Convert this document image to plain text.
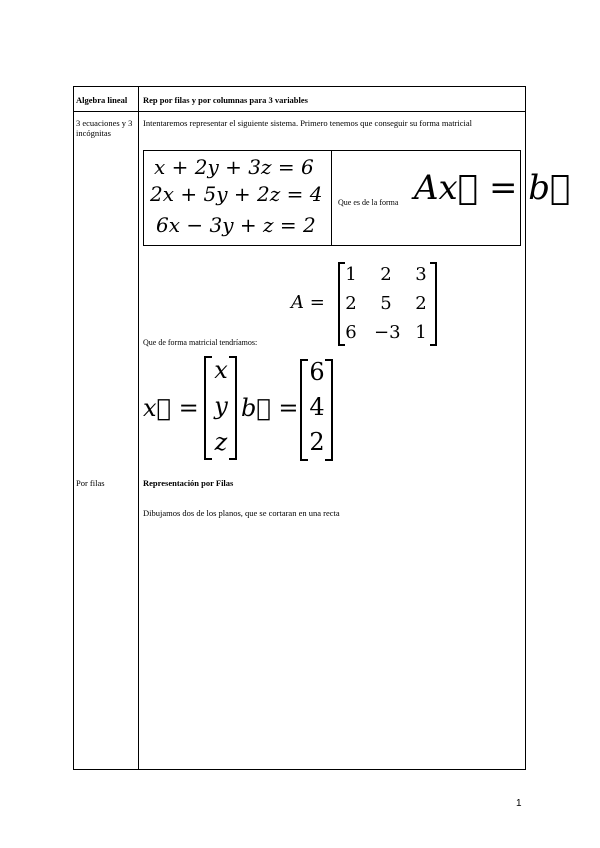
Algebra lineal Rep por filas y por columnas para 3 variables
3 ecuaciones y 3 incógnitas
Por filas
Intentaremos representar el siguiente sistema. Primero tenemos que conseguir su forma matricial
x + 2y + 3z = 6
2x + 5y + 2z = 4
6x − 3y + z = 2
Que es de la forma Ax⃗ = b⃗
A =
1 2 3
2 5 2
6 −3 1
Que de forma matricial tendríamos:
x⃗ =
x
y
z
b⃗ =
6
4
2
Representación por Filas
Dibujamos dos de los planos, que se cortaran en una recta
1
